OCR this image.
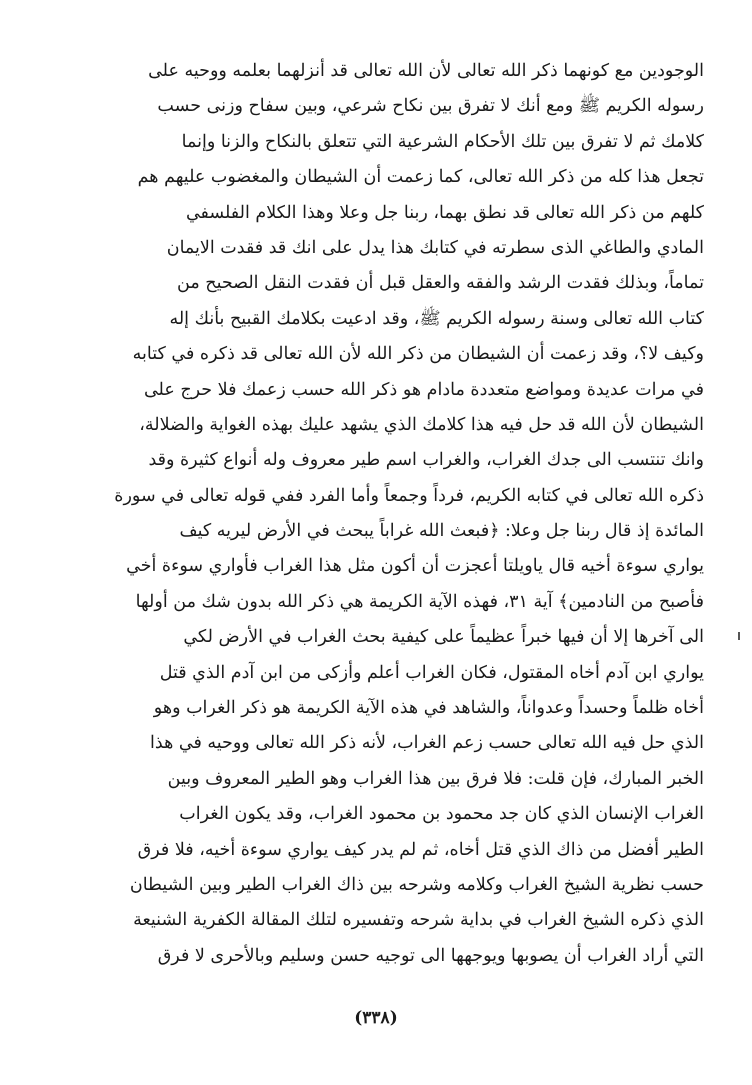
الوجودين مع كونهما ذكر الله تعالى لأن الله تعالى قد أنزلهما بعلمه ووحيه على
رسوله الكريم ﷺ ومع أنك لا تفرق بين نكاح شرعي، وبين سفاح وزنى حسب
كلامك ثم لا تفرق بين تلك الأحكام الشرعية التي تتعلق بالنكاح والزنا وإنما
تجعل هذا كله من ذكر الله تعالى، كما زعمت أن الشيطان والمغضوب عليهم هم
كلهم من ذكر الله تعالى قد نطق بهما، ربنا جل وعلا وهذا الكلام الفلسفي
المادي والطاغي الذى سطرته في كتابك هذا يدل على انك قد فقدت الايمان
تماماً، وبذلك فقدت الرشد والفقه والعقل قبل أن فقدت النقل الصحيح من
كتاب الله تعالى وسنة رسوله الكريم ﷺ، وقد ادعيت بكلامك القبيح بأنك إله
وكيف لا؟، وقد زعمت أن الشيطان من ذكر الله لأن الله تعالى قد ذكره في كتابه
في مرات عديدة ومواضع متعددة مادام هو ذكر الله حسب زعمك فلا حرج على
الشيطان لأن الله قد حل فيه هذا كلامك الذي يشهد عليك بهذه الغواية والضلالة،
وانك تنتسب الى جدك الغراب، والغراب اسم طير معروف وله أنواع كثيرة وقد
ذكره الله تعالى في كتابه الكريم، فرداً وجمعاً وأما الفرد ففي قوله تعالى في سورة
المائدة إذ قال ربنا جل وعلا: ﴿فبعث الله غراباً يبحث في الأرض ليريه كيف
يواري سوءة أخيه قال ياويلتا أعجزت أن أكون مثل هذا الغراب فأواري سوءة أخي
فأصبح من النادمين﴾ آية ٣١، فهذه الآية الكريمة هي ذكر الله بدون شك من أولها
الى آخرها إلا أن فيها خبراً عظيماً على كيفية بحث الغراب في الأرض لكي
يواري ابن آدم أخاه المقتول، فكان الغراب أعلم وأزكى من ابن آدم الذي قتل
أخاه ظلماً وحسداً وعدواناً، والشاهد في هذه الآية الكريمة هو ذكر الغراب وهو
الذي حل فيه الله تعالى حسب زعم الغراب، لأنه ذكر الله تعالى ووحيه في هذا
الخبر المبارك، فإن قلت: فلا فرق بين هذا الغراب وهو الطير المعروف وبين
الغراب الإنسان الذي كان جد محمود بن محمود الغراب، وقد يكون الغراب
الطير أفضل من ذاك الذي قتل أخاه، ثم لم يدر كيف يواري سوءة أخيه، فلا فرق
حسب نظرية الشيخ الغراب وكلامه وشرحه بين ذاك الغراب الطير وبين الشيطان
الذي ذكره الشيخ الغراب في بداية شرحه وتفسيره لتلك المقالة الكفرية الشنيعة
التي أراد الغراب أن يصوبها ويوجهها الى توجيه حسن وسليم وبالأحرى لا فرق
(٣٣٨)
